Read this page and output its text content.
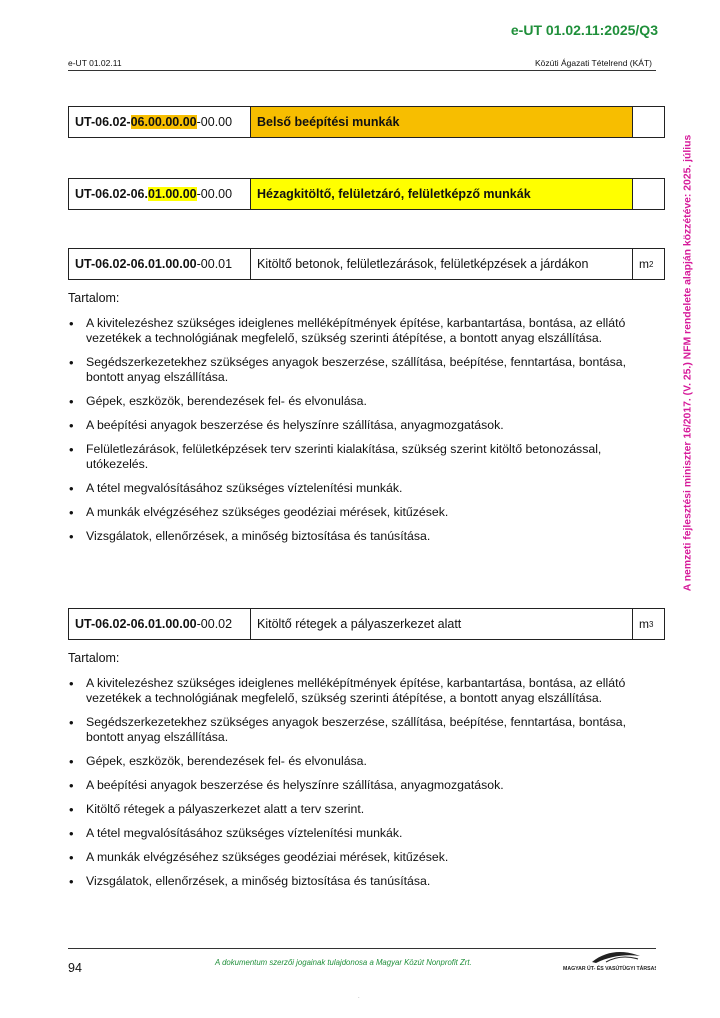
e-UT 01.02.11:2025/Q3
e-UT 01.02.11	Közúti Ágazati Tételrend (KÁT)
A nemzeti fejlesztési miniszter 16/2017. (V. 25.) NFM rendelete alapján közzétéve: 2025. július
UT-06.02- 06.00.00.00 -00.00	Belső beépítési munkák
UT-06.02-06. 01.00.00 -00.00	Hézagkitöltő, felületzáró, felületképző munkák
UT-06.02-06.01.00.00 -00.01	Kitöltő betonok, felületlezárások, felületképzések a járdákon	m 2
Tartalom:
• A kivitelezéshez szükséges ideiglenes melléképítmények építése, karbantartása, bontása, az ellátó vezetékek a technológiának megfelelő, szükség szerinti átépítése, a bontott anyag elszállítása.
• Segédszerkezetekhez szükséges anyagok beszerzése, szállítása, beépítése, fenntartása, bontása, bontott anyag elszállítása.
• Gépek, eszközök, berendezések fel- és elvonulása.
• A beépítési anyagok beszerzése és helyszínre szállítása, anyagmozgatások.
• Felületlezárások, felületképzések terv szerinti kialakítása, szükség szerint kitöltő betonozással, utókezelés.
• A tétel megvalósításához szükséges víztelenítési munkák.
• A munkák elvégzéséhez szükséges geodéziai mérések, kitűzések.
• Vizsgálatok, ellenőrzések, a minőség biztosítása és tanúsítása.
UT-06.02-06.01.00.00 -00.02	Kitöltő rétegek a pályaszerkezet alatt	m 3
Tartalom:
• A kivitelezéshez szükséges ideiglenes melléképítmények építése, karbantartása, bontása, az ellátó vezetékek a technológiának megfelelő, szükség szerinti átépítése, a bontott anyag elszállítása.
• Segédszerkezetekhez szükséges anyagok beszerzése, szállítása, beépítése, fenntartása, bontása, bontott anyag elszállítása.
• Gépek, eszközök, berendezések fel- és elvonulása.
• A beépítési anyagok beszerzése és helyszínre szállítása, anyagmozgatások.
• Kitöltő rétegek a pályaszerkezet alatt a terv szerint.
• A tétel megvalósításához szükséges víztelenítési munkák.
• A munkák elvégzéséhez szükséges geodéziai mérések, kitűzések.
• Vizsgálatok, ellenőrzések, a minőség biztosítása és tanúsítása.
94	A dokumentum szerzői jogainak tulajdonosa a Magyar Közút Nonprofit Zrt.
MAGYAR ÚT- ÉS VASÚTÜGYI TÁRSASÁG
.
